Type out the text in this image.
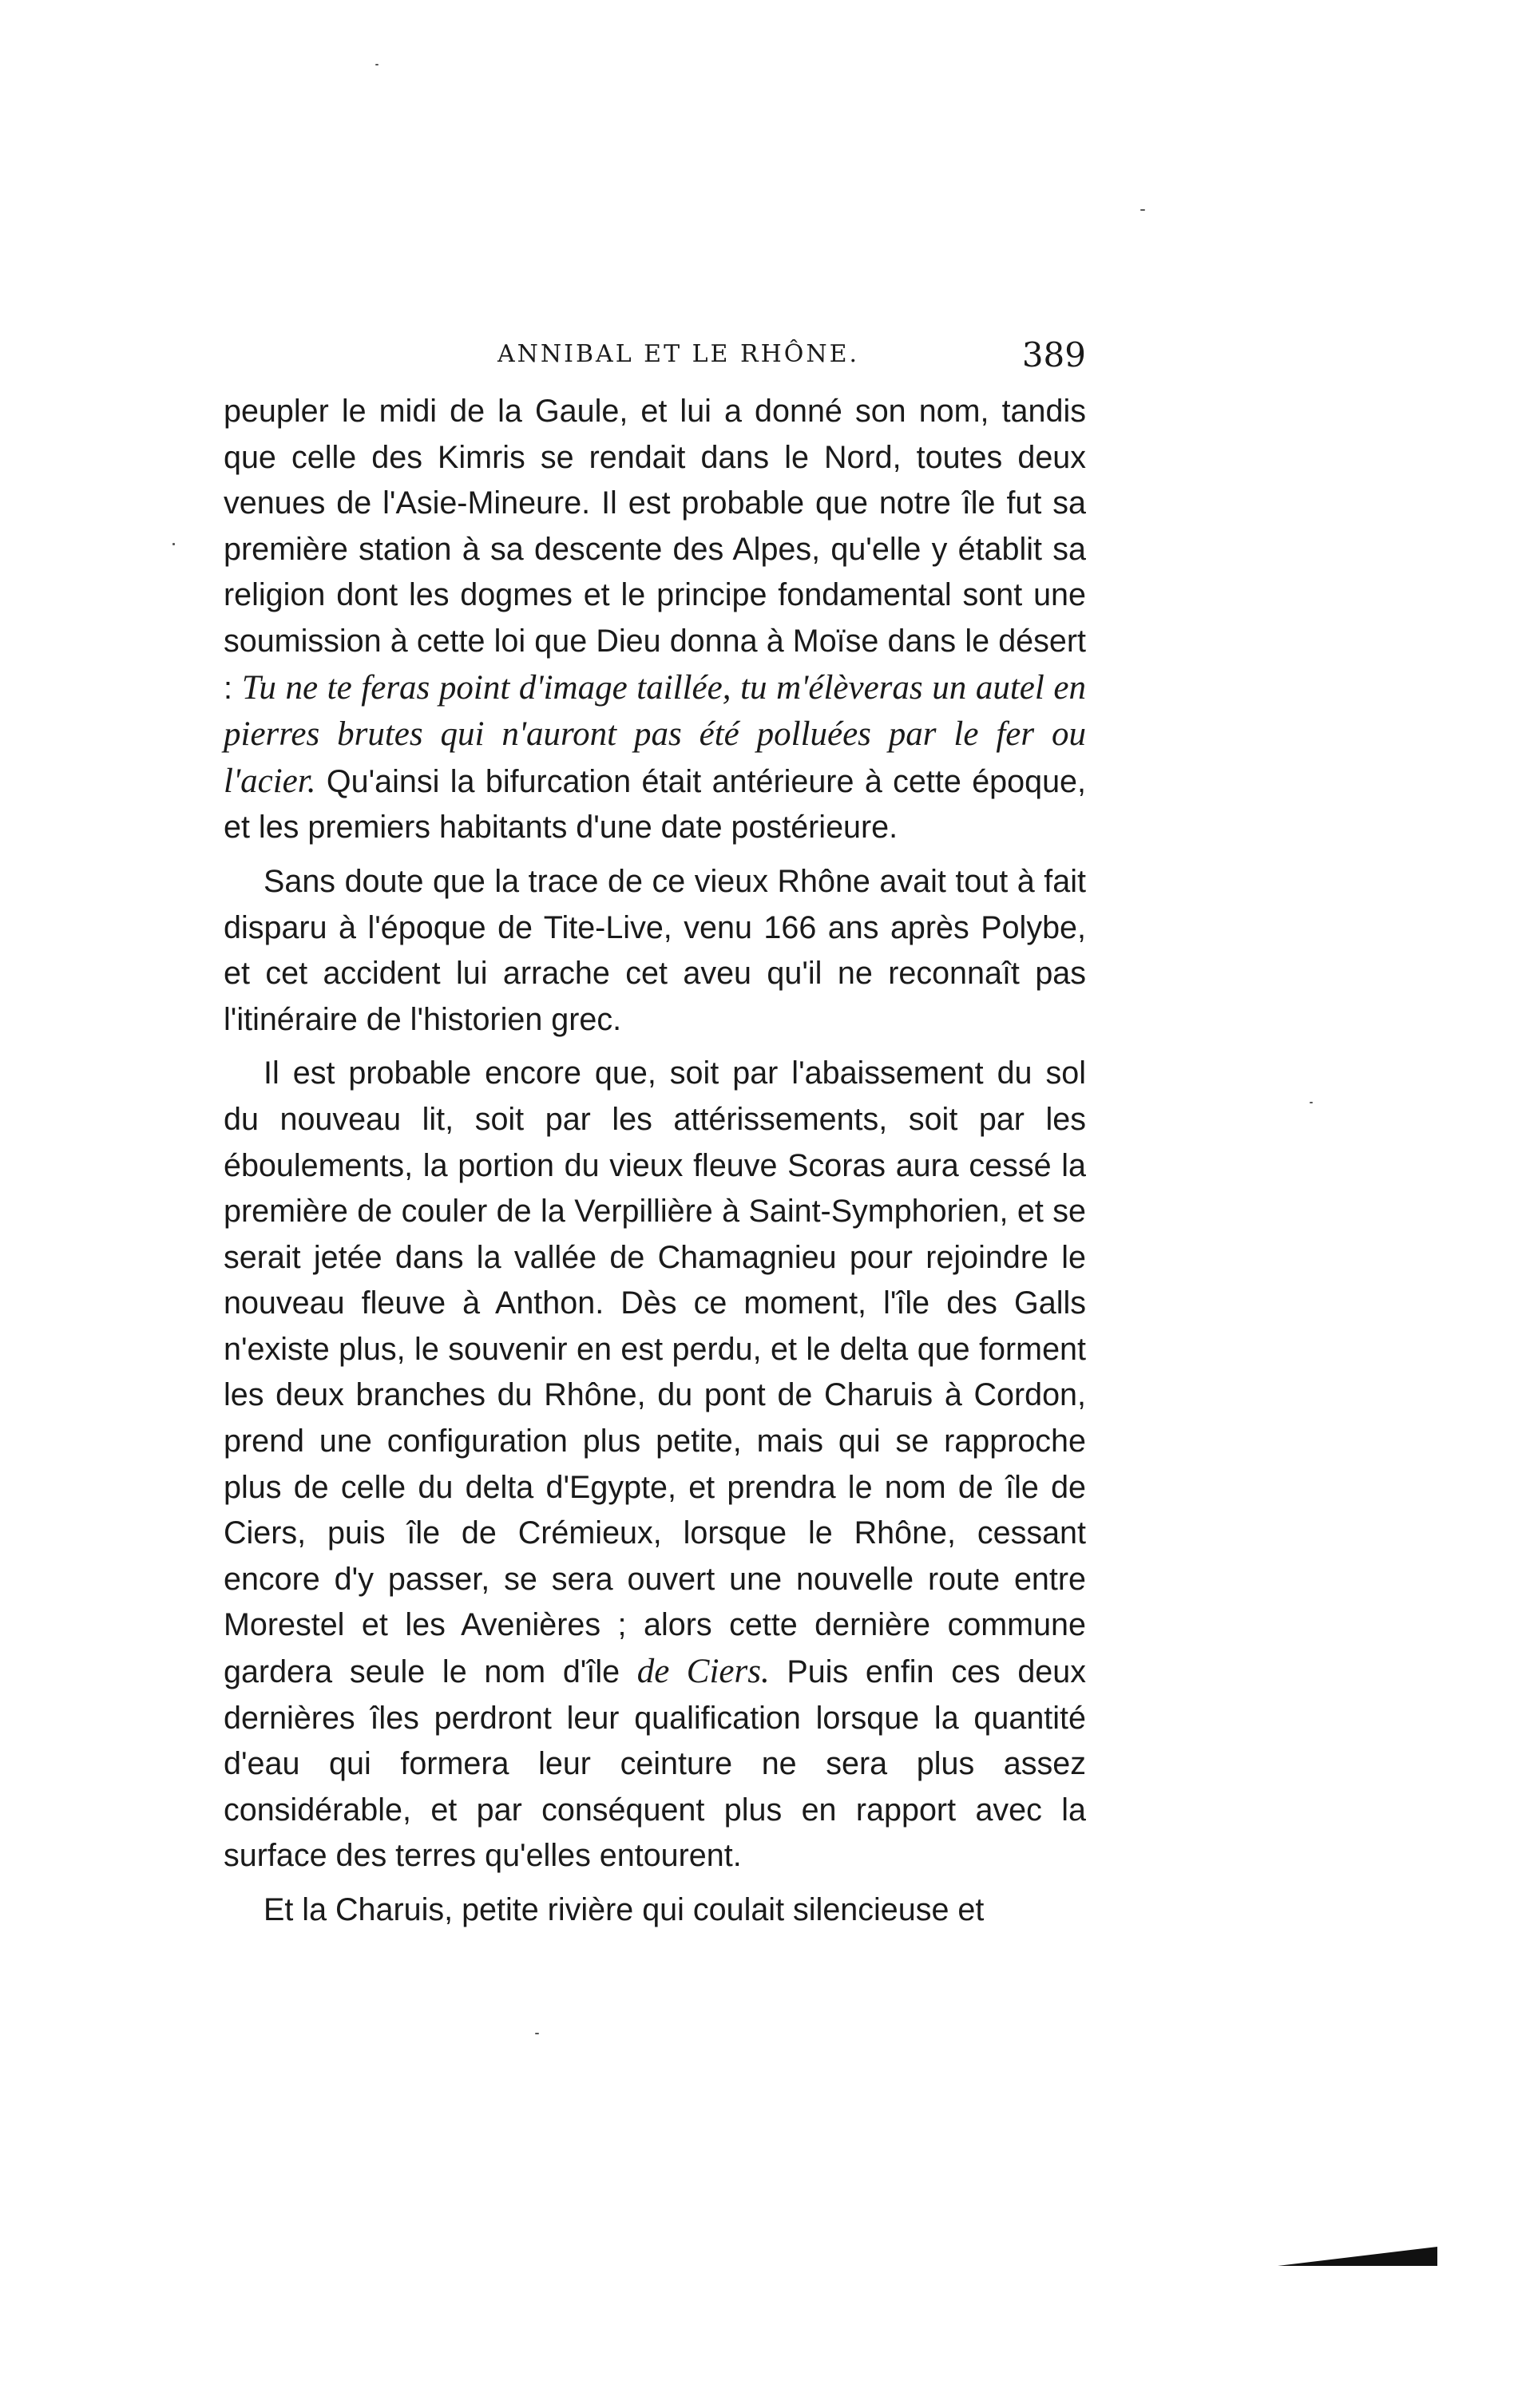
ANNIBAL ET LE RHÔNE.	389

peupler le midi de la Gaule, et lui a donné son nom, tandis que celle des Kimris se rendait dans le Nord, toutes deux venues de l'Asie-Mineure. Il est probable que notre île fut sa première station à sa descente des Alpes, qu'elle y établit sa religion dont les dogmes et le principe fondamental sont une soumission à cette loi que Dieu donna à Moïse dans le désert : Tu ne te feras point d'image taillée, tu m'élèveras un autel en pierres brutes qui n'auront pas été polluées par le fer ou l'acier. Qu'ainsi la bifurcation était antérieure à cette époque, et les premiers habitants d'une date postérieure.

Sans doute que la trace de ce vieux Rhône avait tout à fait disparu à l'époque de Tite-Live, venu 166 ans après Polybe, et cet accident lui arrache cet aveu qu'il ne reconnaît pas l'itinéraire de l'historien grec.

Il est probable encore que, soit par l'abaissement du sol du nouveau lit, soit par les attérissements, soit par les éboulements, la portion du vieux fleuve Scoras aura cessé la première de couler de la Verpillière à Saint-Symphorien, et se serait jetée dans la vallée de Chamagnieu pour rejoindre le nouveau fleuve à Anthon. Dès ce moment, l'île des Galls n'existe plus, le souvenir en est perdu, et le delta que forment les deux branches du Rhône, du pont de Charuis à Cordon, prend une configuration plus petite, mais qui se rapproche plus de celle du delta d'Egypte, et prendra le nom de île de Ciers, puis île de Crémieux, lorsque le Rhône, cessant encore d'y passer, se sera ouvert une nouvelle route entre Morestel et les Avenières ; alors cette dernière commune gardera seule le nom d'île de Ciers. Puis enfin ces deux dernières îles perdront leur qualification lorsque la quantité d'eau qui formera leur ceinture ne sera plus assez considérable, et par conséquent plus en rapport avec la surface des terres qu'elles entourent.

Et la Charuis, petite rivière qui coulait silencieuse et
